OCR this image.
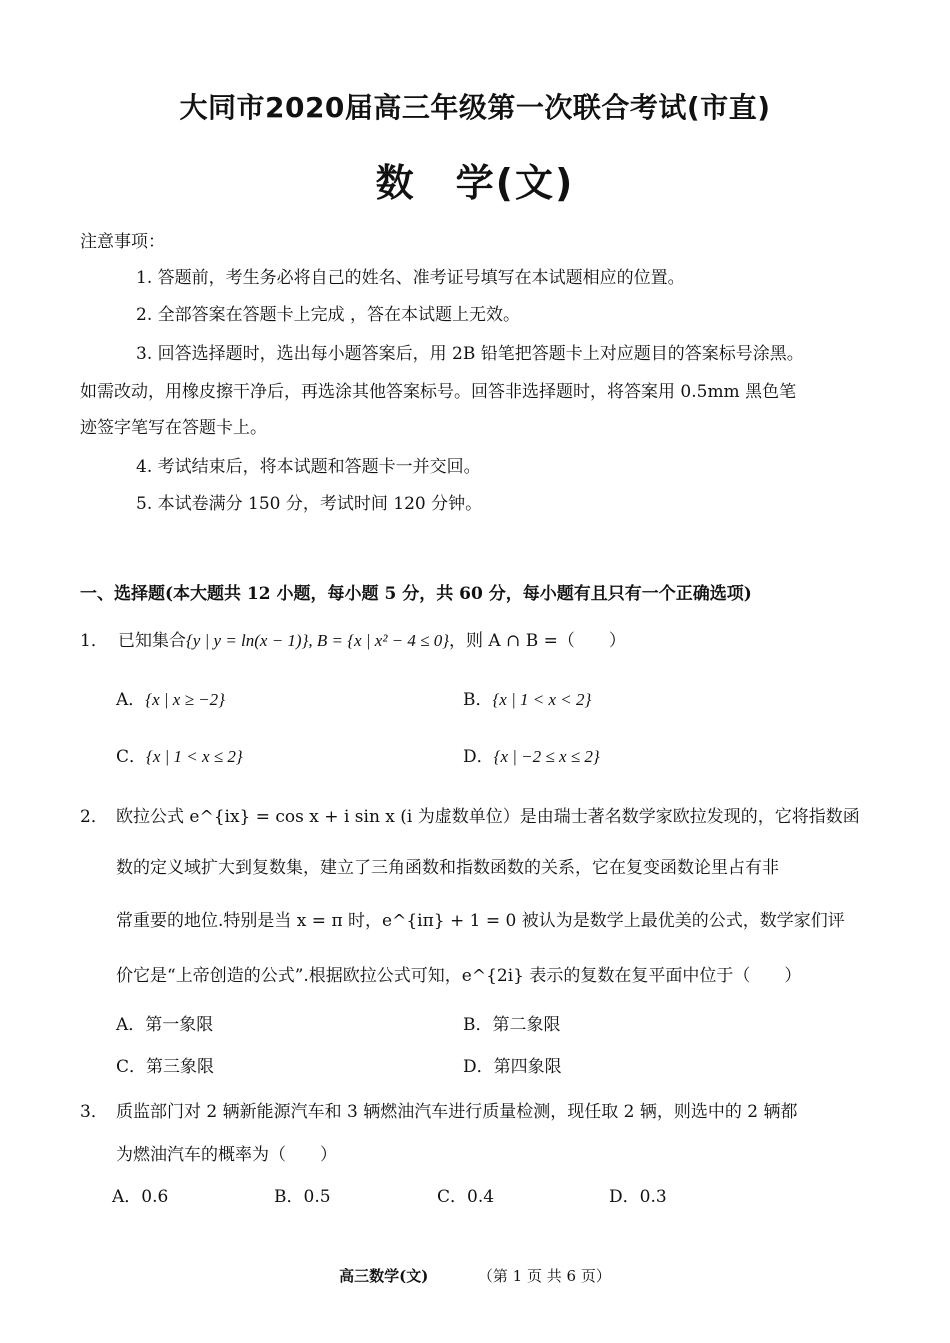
大同市2020届高三年级第一次联合考试(市直)
数　学(文)
注意事项：
1. 答题前，考生务必将自己的姓名、准考证号填写在本试题相应的位置。
2. 全部答案在答题卡上完成 ，答在本试题上无效。
3. 回答选择题时，选出每小题答案后，用 2B 铅笔把答题卡上对应题目的答案标号涂黑。
如需改动，用橡皮擦干净后，再选涂其他答案标号。回答非选择题时，将答案用 0.5mm 黑色笔
迹签字笔写在答题卡上。
4. 考试结束后，将本试题和答题卡一并交回。
5. 本试卷满分 150 分，考试时间 120 分钟。
一、选择题(本大题共 12 小题，每小题 5 分，共 60 分，每小题有且只有一个正确选项)
1． 已知集合{y | y = ln(x − 1)}, B = {x | x² − 4 ≤ 0}，则 A ∩ B =（　　）
A．{x | x ≥ −2}	B．{x | 1 < x < 2}
C．{x | 1 < x ≤ 2}	D．{x | −2 ≤ x ≤ 2}
2． 欧拉公式 e^{ix} = cos x + i sin x (i 为虚数单位）是由瑞士著名数学家欧拉发现的，它将指数函
数的定义域扩大到复数集，建立了三角函数和指数函数的关系，它在复变函数论里占有非
常重要的地位.特别是当 x = π 时，e^{iπ} + 1 = 0 被认为是数学上最优美的公式，数学家们评
价它是“上帝创造的公式”.根据欧拉公式可知，e^{2i} 表示的复数在复平面中位于（　　）
A．第一象限	B．第二象限
C．第三象限	D．第四象限
3． 质监部门对 2 辆新能源汽车和 3 辆燃油汽车进行质量检测，现任取 2 辆，则选中的 2 辆都
为燃油汽车的概率为（　　）
A．0.6	B．0.5	C．0.4	D．0.3
高三数学(文)	（第 1 页 共 6 页）
